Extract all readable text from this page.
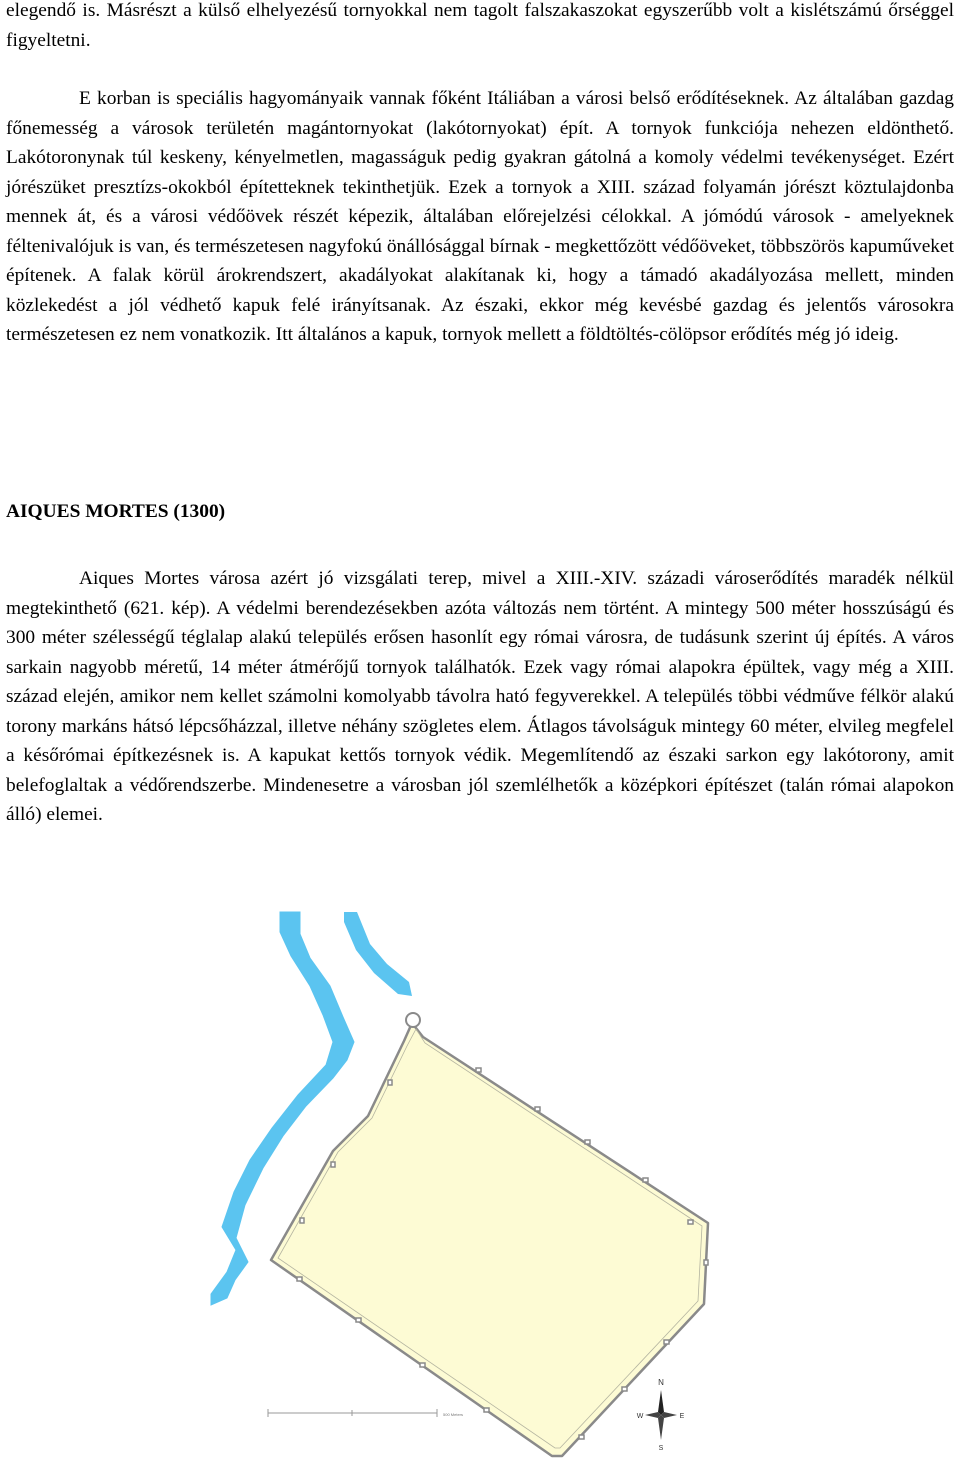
elegendő is. Másrészt a külső elhelyezésű tornyokkal nem tagolt falszakaszokat egyszerűbb volt a kislétszámú őrséggel figyeltetni.

E korban is speciális hagyományaik vannak főként Itáliában a városi belső erődítéseknek. Az általában gazdag főnemesség a városok területén magántornyokat (lakótornyokat) épít. A tornyok funkciója nehezen eldönthető. Lakótoronynak túl keskeny, kényelmetlen, magasságuk pedig gyakran gátolná a komoly védelmi tevékenységet. Ezért jórészüket presztízs-okokból építetteknek tekinthetjük. Ezek a tornyok a XIII. század folyamán jórészt köztulajdonba mennek át, és a városi védőövek részét képezik, általában előrejelzési célokkal. A jómódú városok - amelyeknek féltenivalójuk is van, és természetesen nagyfokú önállósággal bírnak - megkettőzött védőöveket, többszörös kapuműveket építenek. A falak körül árokrendszert, akadályokat alakítanak ki, hogy a támadó akadályozása mellett, minden közlekedést a jól védhető kapuk felé irányítsanak. Az északi, ekkor még kevésbé gazdag és jelentős városokra természetesen ez nem vonatkozik. Itt általános a kapuk, tornyok mellett a földtöltés-cölöpsor erődítés még jó ideig.

AIQUES MORTES (1300)

Aiques Mortes városa azért jó vizsgálati terep, mivel a XIII.-XIV. századi városerődítés maradék nélkül megtekinthető (621. kép). A védelmi berendezésekben azóta változás nem történt. A mintegy 500 méter hosszúságú és 300 méter szélességű téglalap alakú település erősen hasonlít egy római városra, de tudásunk szerint új építés. A város sarkain nagyobb méretű, 14 méter átmérőjű tornyok találhatók. Ezek vagy római alapokra épültek, vagy még a XIII. század elején, amikor nem kellet számolni komolyabb távolra ható fegyverekkel. A település többi védműve félkör alakú torony markáns hátsó lépcsőházzal, illetve néhány szögletes elem. Átlagos távolságuk mintegy 60 méter, elvileg megfelel a későrómai építkezésnek is. A kapukat kettős tornyok védik. Megemlítendő az északi sarkon egy lakótorony, amit belefoglaltak a védőrendszerbe. Mindenesetre a városban jól szemlélhetők a középkori építészet (talán római alapokon álló) elemei.

500 Meters
N
W	E
S
